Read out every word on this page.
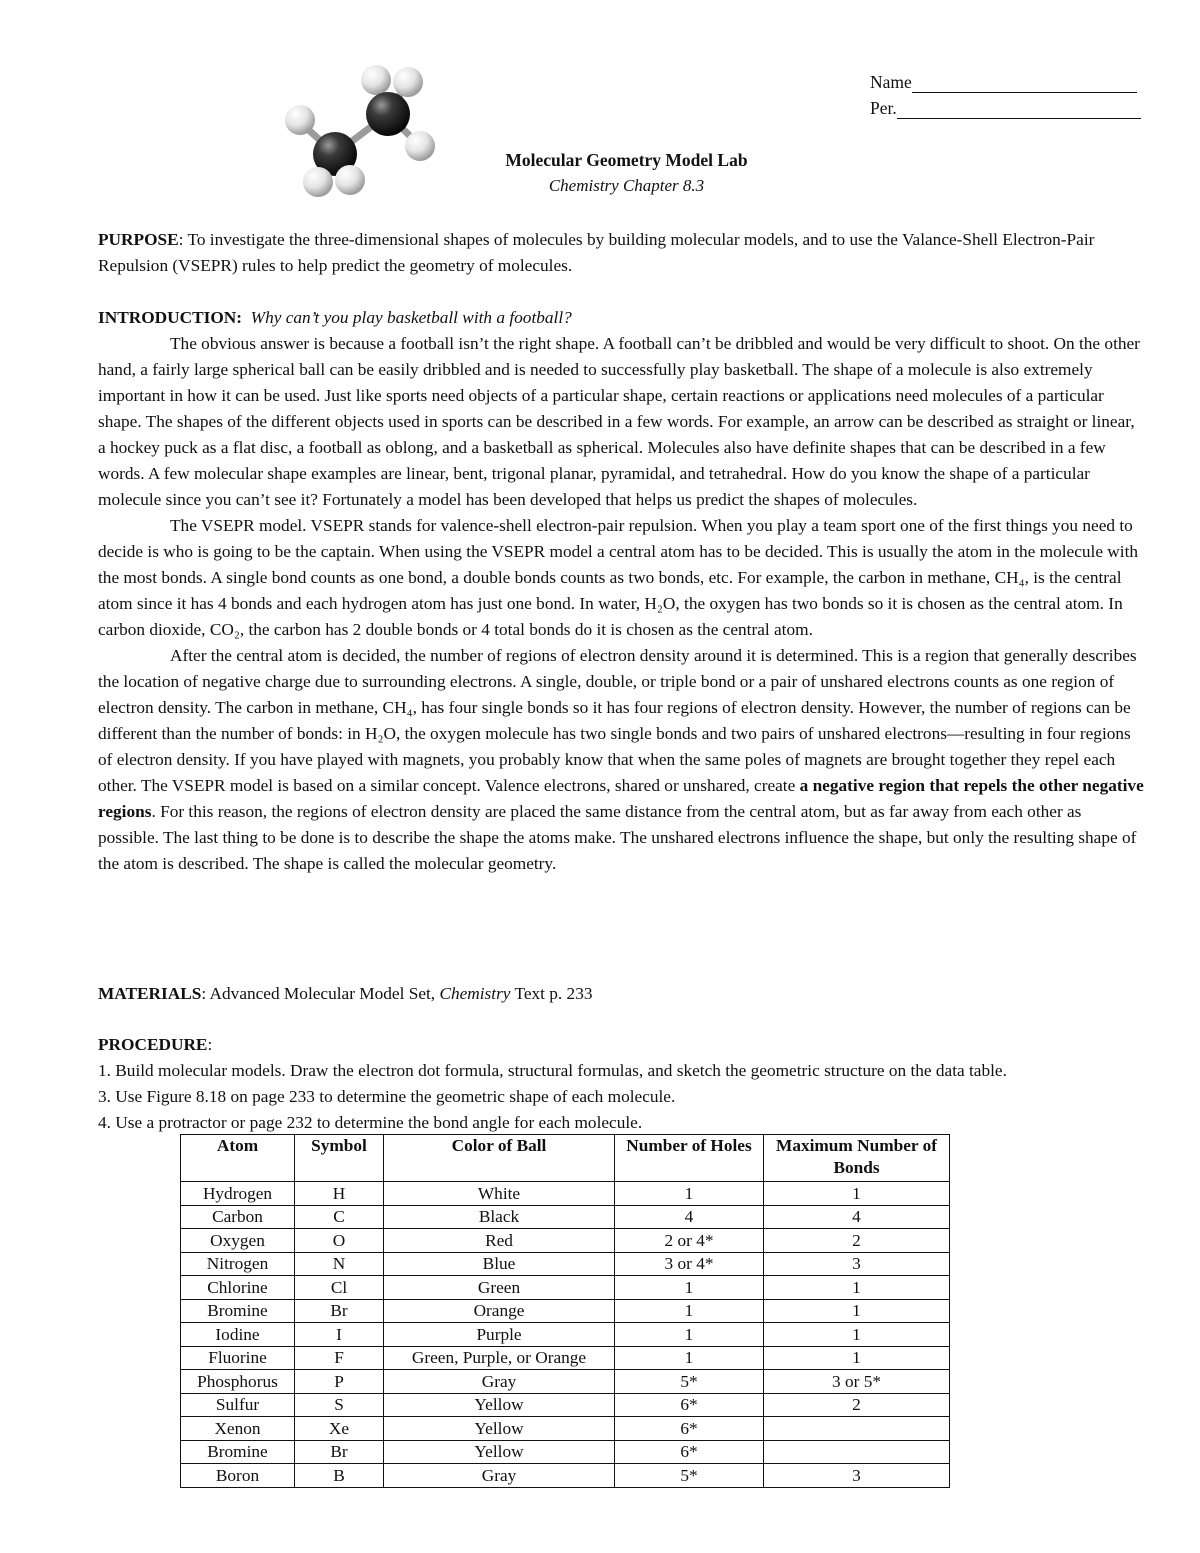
Name
Per.
Molecular Geometry Model Lab
Chemistry Chapter 8.3

PURPOSE: To investigate the three-dimensional shapes of molecules by building molecular models, and to use the Valance-Shell Electron-Pair Repulsion (VSEPR) rules to help predict the geometry of molecules.

INTRODUCTION: Why can’t you play basketball with a football?

The obvious answer is because a football isn’t the right shape. A football can’t be dribbled and would be very difficult to shoot. On the other hand, a fairly large spherical ball can be easily dribbled and is needed to successfully play basketball. The shape of a molecule is also extremely important in how it can be used. Just like sports need objects of a particular shape, certain reactions or applications need molecules of a particular shape. The shapes of the different objects used in sports can be described in a few words. For example, an arrow can be described as straight or linear, a hockey puck as a flat disc, a football as oblong, and a basketball as spherical. Molecules also have definite shapes that can be described in a few words. A few molecular shape examples are linear, bent, trigonal planar, pyramidal, and tetrahedral. How do you know the shape of a particular molecule since you can’t see it? Fortunately a model has been developed that helps us predict the shapes of molecules.

The VSEPR model. VSEPR stands for valence-shell electron-pair repulsion. When you play a team sport one of the first things you need to decide is who is going to be the captain. When using the VSEPR model a central atom has to be decided. This is usually the atom in the molecule with the most bonds. A single bond counts as one bond, a double bonds counts as two bonds, etc. For example, the carbon in methane, CH₄, is the central atom since it has 4 bonds and each hydrogen atom has just one bond. In water, H₂O, the oxygen has two bonds so it is chosen as the central atom. In carbon dioxide, CO₂, the carbon has 2 double bonds or 4 total bonds do it is chosen as the central atom.

After the central atom is decided, the number of regions of electron density around it is determined. This is a region that generally describes the location of negative charge due to surrounding electrons. A single, double, or triple bond or a pair of unshared electrons counts as one region of electron density. The carbon in methane, CH₄, has four single bonds so it has four regions of electron density. However, the number of regions can be different than the number of bonds: in H₂O, the oxygen molecule has two single bonds and two pairs of unshared electrons—resulting in four regions of electron density. If you have played with magnets, you probably know that when the same poles of magnets are brought together they repel each other. The VSEPR model is based on a similar concept. Valence electrons, shared or unshared, create a negative region that repels the other negative regions. For this reason, the regions of electron density are placed the same distance from the central atom, but as far away from each other as possible. The last thing to be done is to describe the shape the atoms make. The unshared electrons influence the shape, but only the resulting shape of the atom is described. The shape is called the molecular geometry.

MATERIALS: Advanced Molecular Model Set, Chemistry Text p. 233

PROCEDURE:

1. Build molecular models. Draw the electron dot formula, structural formulas, and sketch the geometric structure on the data table.

3. Use Figure 8.18 on page 233 to determine the geometric shape of each molecule.

4. Use a protractor or page 232 to determine the bond angle for each molecule.

Atom	Symbol	Color of Ball	Number of Holes	Maximum Number of Bonds
Hydrogen	H	White	1	1
Carbon	C	Black	4	4
Oxygen	O	Red	2 or 4*	2
Nitrogen	N	Blue	3 or 4*	3
Chlorine	Cl	Green	1	1
Bromine	Br	Orange	1	1
Iodine	I	Purple	1	1
Fluorine	F	Green, Purple, or Orange	1	1
Phosphorus	P	Gray	5*	3 or 5*
Sulfur	S	Yellow	6*	2
Xenon	Xe	Yellow	6*	
Bromine	Br	Yellow	6*	
Boron	B	Gray	5*	3
